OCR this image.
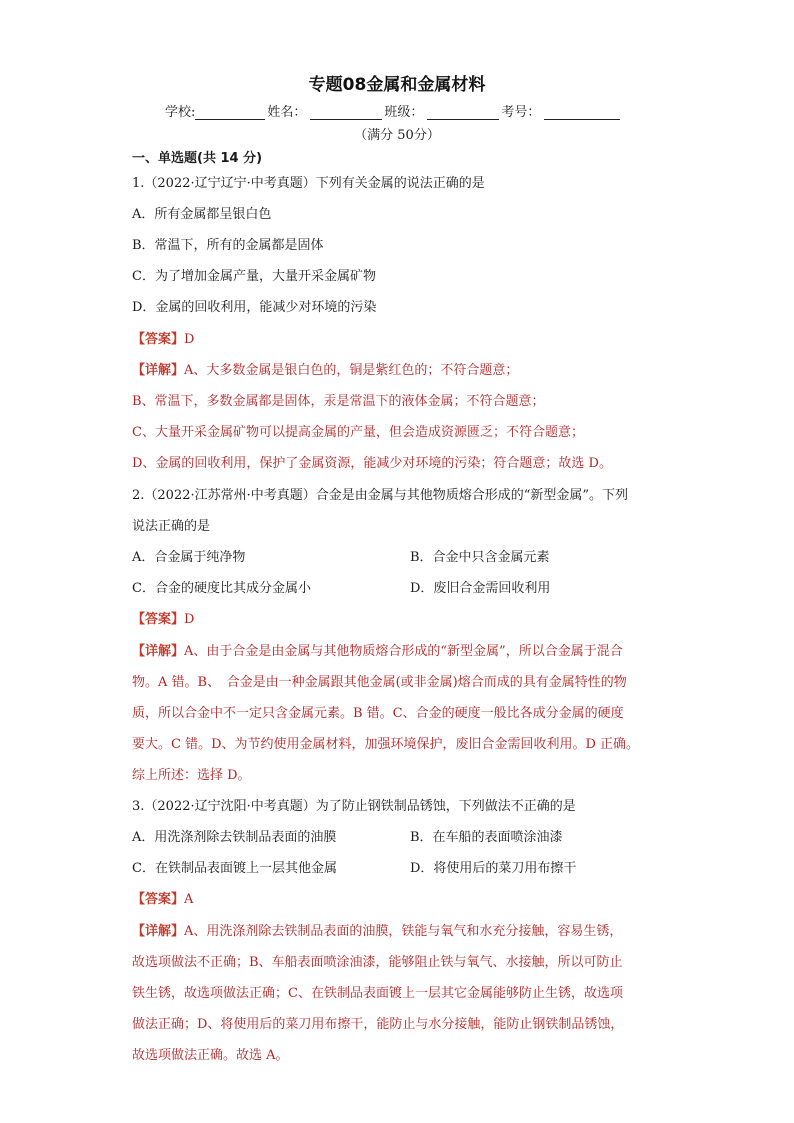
专题08金属和金属材料
学校:	姓名：	班级：	考号：
（满分 50分）
一、单选题(共 14 分)
1.（2022·辽宁辽宁·中考真题）下列有关金属的说法正确的是
A．所有金属都呈银白色
B．常温下，所有的金属都是固体
C．为了增加金属产量，大量开采金属矿物
D．金属的回收利用，能减少对环境的污染
【答案】D
【详解】A、大多数金属是银白色的，铜是紫红色的；不符合题意；
B、常温下，多数金属都是固体，汞是常温下的液体金属；不符合题意；
C、大量开采金属矿物可以提高金属的产量，但会造成资源匮乏；不符合题意；
D、金属的回收利用，保护了金属资源，能减少对环境的污染；符合题意；故选 D。
2.（2022·江苏常州·中考真题）合金是由金属与其他物质熔合形成的“新型金属”。下列
说法正确的是
A．合金属于纯净物	B．合金中只含金属元素
C．合金的硬度比其成分金属小	D．废旧合金需回收利用
【答案】D
【详解】A、由于合金是由金属与其他物质熔合形成的“新型金属”，所以合金属于混合
物。A 错。B、　合金是由一种金属跟其他金属(或非金属)熔合而成的具有金属特性的物
质，所以合金中不一定只含金属元素。B 错。C、合金的硬度一般比各成分金属的硬度
要大。C 错。D、为节约使用金属材料，加强环境保护，废旧合金需回收利用。D 正确。
综上所述：选择 D。
3.（2022·辽宁沈阳·中考真题）为了防止钢铁制品锈蚀，下列做法不正确的是
A．用洗涤剂除去铁制品表面的油膜	B．在车船的表面喷涂油漆
C．在铁制品表面镀上一层其他金属	D．将使用后的菜刀用布擦干
【答案】A
【详解】A、用洗涤剂除去铁制品表面的油膜，铁能与氧气和水充分接触，容易生锈，
故选项做法不正确；B、车船表面喷涂油漆，能够阻止铁与氧气、水接触，所以可防止
铁生锈，故选项做法正确；C、在铁制品表面镀上一层其它金属能够防止生锈，故选项
做法正确；D、将使用后的菜刀用布擦干，能防止与水分接触，能防止钢铁制品锈蚀，
故选项做法正确。故选 A。
